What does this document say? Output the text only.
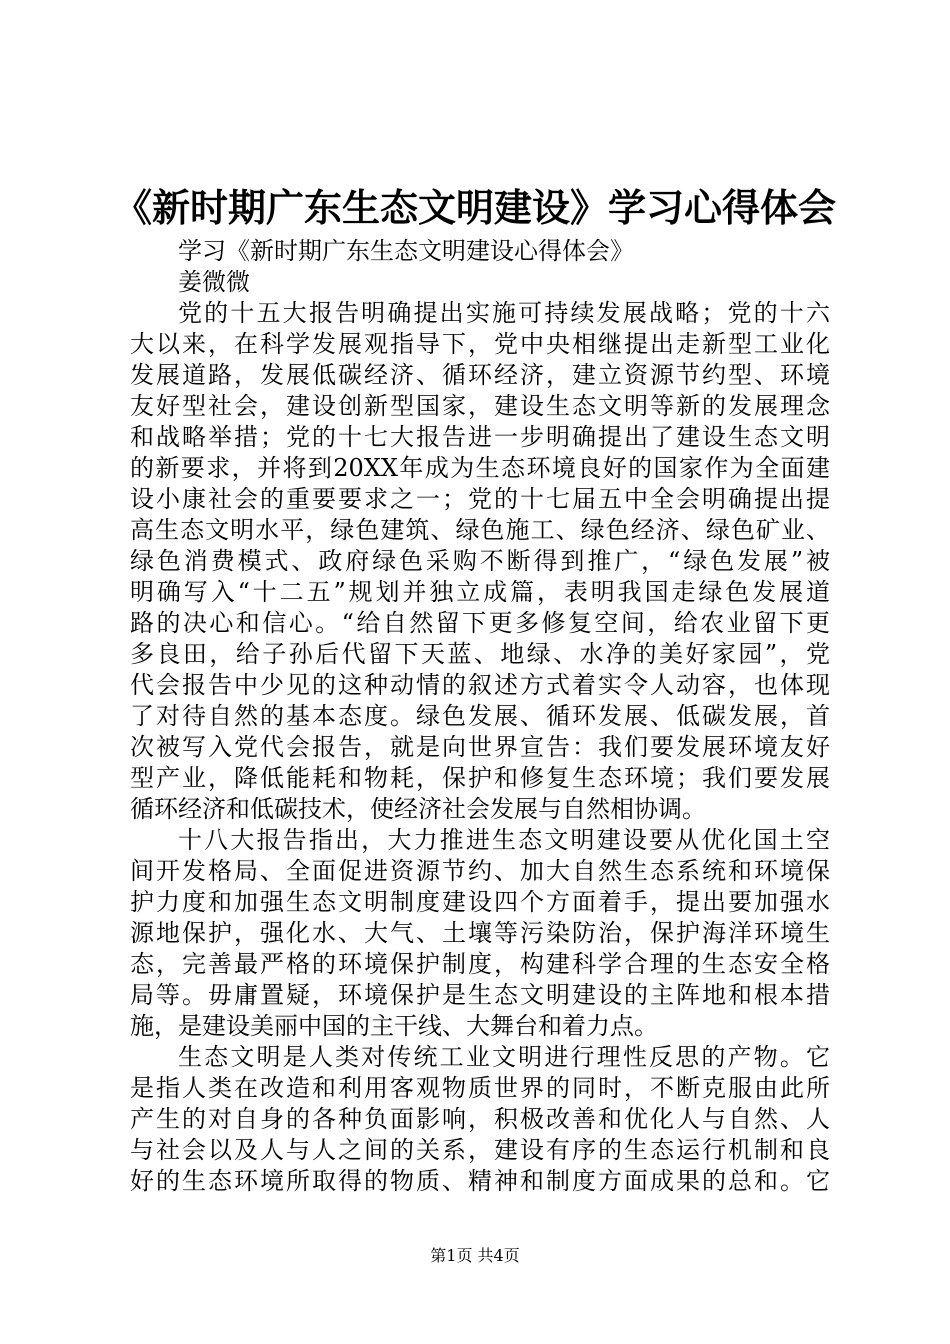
《新时期广东生态文明建设》学习心得体会
学习《新时期广东生态文明建设心得体会》
姜微微
党的十五大报告明确提出实施可持续发展战略；党的十六
大以来，在科学发展观指导下，党中央相继提出走新型工业化
发展道路，发展低碳经济、循环经济，建立资源节约型、环境
友好型社会，建设创新型国家，建设生态文明等新的发展理念
和战略举措；党的十七大报告进一步明确提出了建设生态文明
的新要求，并将到20XX年成为生态环境良好的国家作为全面建
设小康社会的重要要求之一；党的十七届五中全会明确提出提
高生态文明水平，绿色建筑、绿色施工、绿色经济、绿色矿业、
绿色消费模式、政府绿色采购不断得到推广，“绿色发展”被
明确写入“十二五”规划并独立成篇，表明我国走绿色发展道
路的决心和信心。“给自然留下更多修复空间，给农业留下更
多良田，给子孙后代留下天蓝、地绿、水净的美好家园”，党
代会报告中少见的这种动情的叙述方式着实令人动容，也体现
了对待自然的基本态度。绿色发展、循环发展、低碳发展，首
次被写入党代会报告，就是向世界宣告：我们要发展环境友好
型产业，降低能耗和物耗，保护和修复生态环境；我们要发展
循环经济和低碳技术，使经济社会发展与自然相协调。
十八大报告指出，大力推进生态文明建设要从优化国土空
间开发格局、全面促进资源节约、加大自然生态系统和环境保
护力度和加强生态文明制度建设四个方面着手，提出要加强水
源地保护，强化水、大气、土壤等污染防治，保护海洋环境生
态，完善最严格的环境保护制度，构建科学合理的生态安全格
局等。毋庸置疑，环境保护是生态文明建设的主阵地和根本措
施，是建设美丽中国的主干线、大舞台和着力点。
生态文明是人类对传统工业文明进行理性反思的产物。它
是指人类在改造和利用客观物质世界的同时，不断克服由此所
产生的对自身的各种负面影响，积极改善和优化人与自然、人
与社会以及人与人之间的关系，建设有序的生态运行机制和良
好的生态环境所取得的物质、精神和制度方面成果的总和。它
第1页 共4页
